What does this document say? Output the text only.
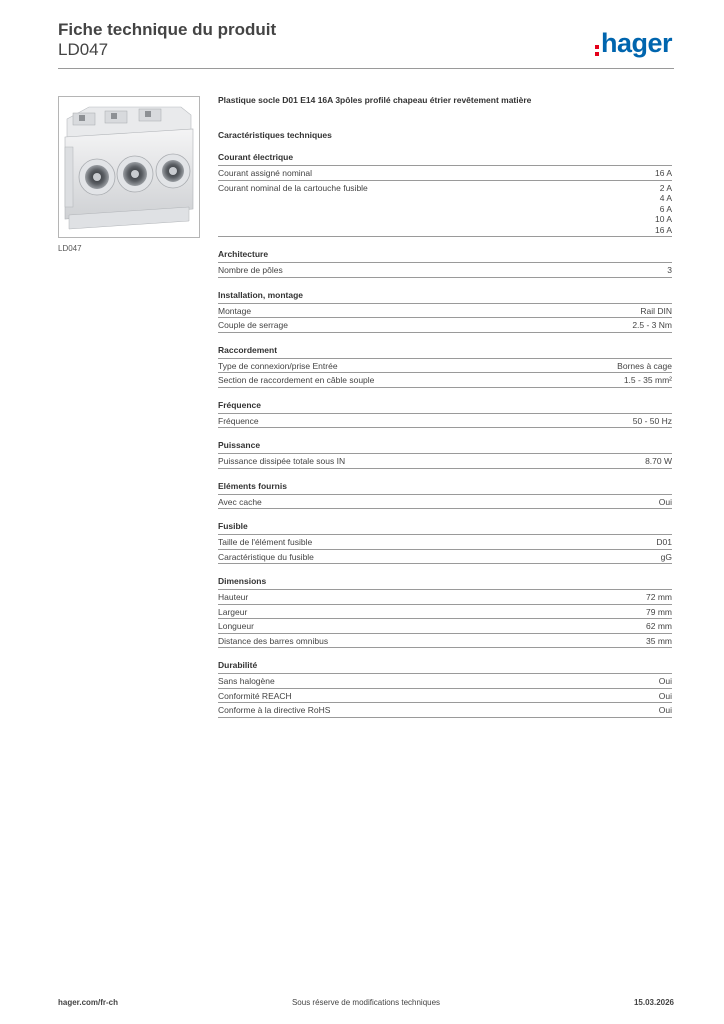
Fiche technique du produit
LD047	hager
LD047
Plastique socle D01 E14 16A 3pôles profilé chapeau étrier revêtement matière
Caractéristiques techniques
Courant électrique
Courant assigné nominal	16 A
Courant nominal de la cartouche fusible	2 A
4 A
6 A
10 A
16 A
Architecture
Nombre de pôles	3
Installation, montage
Montage	Rail DIN
Couple de serrage	2.5 - 3 Nm
Raccordement
Type de connexion/prise Entrée	Bornes à cage
Section de raccordement en câble souple	1.5 - 35 mm²
Fréquence
Fréquence	50 - 50 Hz
Puissance
Puissance dissipée totale sous IN	8.70 W
Eléments fournis
Avec cache	Oui
Fusible
Taille de l'élément fusible	D01
Caractéristique du fusible	gG
Dimensions
Hauteur	72 mm
Largeur	79 mm
Longueur	62 mm
Distance des barres omnibus	35 mm
Durabilité
Sans halogène	Oui
Conformité REACH	Oui
Conforme à la directive RoHS	Oui
hager.com/fr-ch	Sous réserve de modifications techniques	15.03.2026
